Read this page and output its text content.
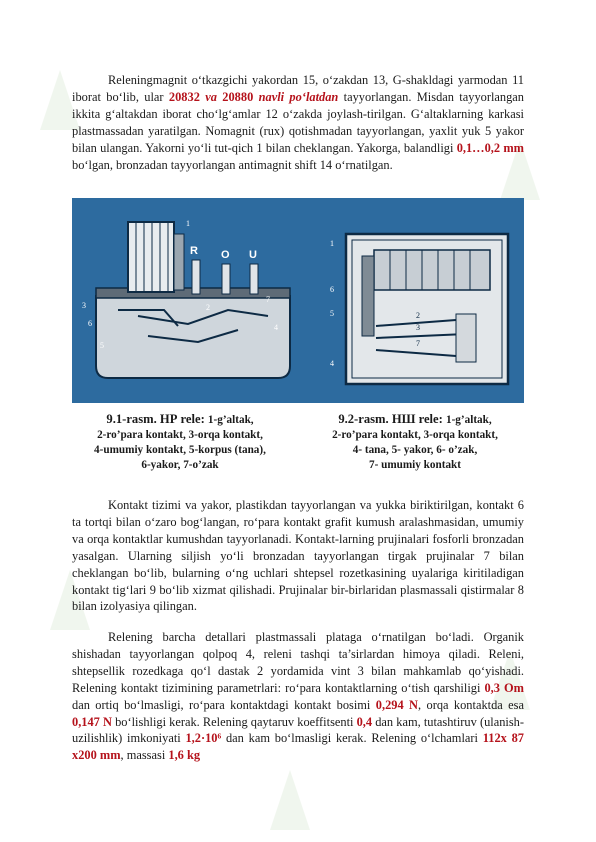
Releningmagnit o‘tkazgichi yakordan 15, o‘zakdan 13, G-shakldagi yarmodan 11 iborat bo‘lib, ular 20832 va 20880 navli po‘latdan tayyorlangan. Misdan tayyorlangan ikkita g‘altakdan iborat cho‘lg‘amlar 12 o‘zakda joylash-tirilgan. G‘altaklarning karkasi plastmassadan yaratilgan. Nomagnit (rux) qotishmadan tayyorlangan, yaxlit yuk 5 yakor bilan ulangan. Yakorni yo‘li tut-qich 1 bilan cheklangan. Yakorga, balandligi 0,1…0,2 mm bo‘lgan, bronzadan tayyorlangan antimagnit shift 14 o‘rnatilgan.

R O U
1
2
3
4
5
6
7
1
2
3
4
5
6
7
9.1-rasm. НР rele: 1-g’altak,
2-ro’para kontakt, 3-orqa kontakt,
4-umumiy kontakt, 5-korpus (tana),
6-yakor, 7-o’zak
9.2-rasm. НШ rele: 1-g’altak,
2-ro’para kontakt, 3-orqa kontakt,
4- tana, 5- yakor, 6- o’zak,
7- umumiy kontakt

Kontakt tizimi va yakor, plastikdan tayyorlangan va yukka biriktirilgan, kontakt 6 ta tortqi bilan o‘zaro bog‘langan, ro‘para kontakt grafit kumush aralashmasidan, umumiy va orqa kontaktlar kumushdan tayyorlanadi. Kontakt-larning prujinalari fosforli bronzadan yasalgan. Ularning siljish yo‘li bronzadan tayyorlangan tirgak prujinalar 7 bilan cheklangan bo‘lib, bularning o‘ng uchlari shtepsel rozetkasining uyalariga kiritiladigan kontakt tig‘lari 9 bo‘lib xizmat qilishadi. Prujinalar bir-birlaridan plasmassali qistirmalar 8 bilan izolyasiya qilingan.

Relening barcha detallari plastmassali plataga o‘rnatilgan bo‘ladi. Organik shishadan tayyorlangan qolpoq 4, releni tashqi ta’sirlardan himoya qiladi. Releni, shtepsellik rozedkaga qo‘l dastak 2 yordamida vint 3 bilan mahkamlab qo‘yishadi. Relening kontakt tizimining parametrlari: ro‘para kontaktlarning o‘tish qarshiligi 0,3 Om dan ortiq bo‘lmasligi, ro‘para kontaktdagi kontakt bosimi 0,294 N, orqa kontaktda esa 0,147 N bo‘lishligi kerak. Relening qaytaruv koeffitsenti 0,4 dan kam, tutashtiruv (ulanish-uzilishlik) imkoniyati 1,2·10⁶ dan kam bo‘lmasligi kerak. Relening o‘lchamlari 112x 87 x200 mm, massasi 1,6 kg
